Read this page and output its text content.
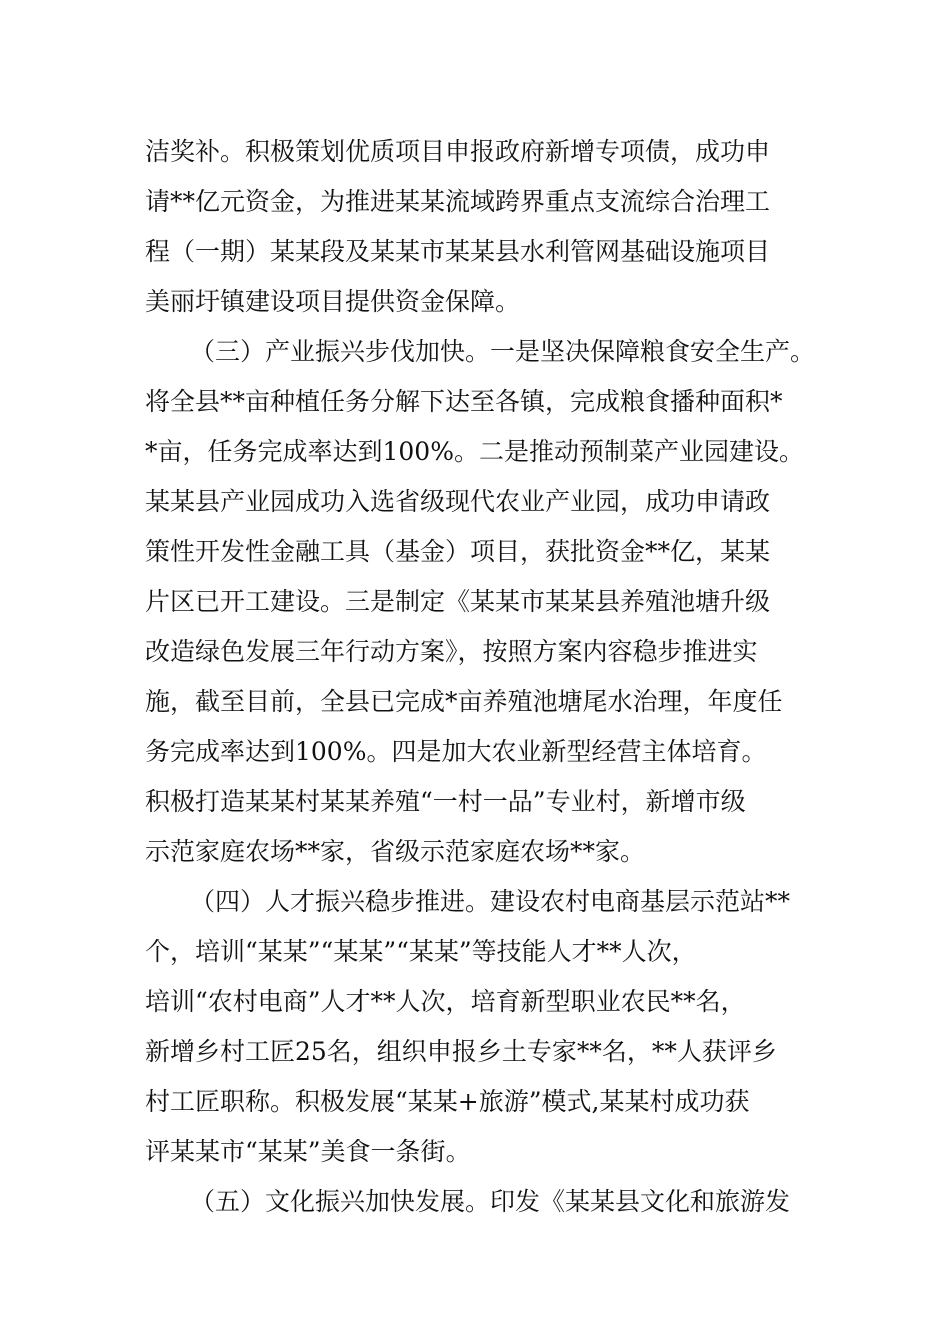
洁奖补。积极策划优质项目申报政府新增专项债，成功申
请**亿元资金，为推进某某流域跨界重点支流综合治理工
程（一期）某某段及某某市某某县水利管网基础设施项目
美丽圩镇建设项目提供资金保障。
（三）产业振兴步伐加快。一是坚决保障粮食安全生产。
将全县**亩种植任务分解下达至各镇，完成粮食播种面积*
*亩，任务完成率达到100%。二是推动预制菜产业园建设。
某某县产业园成功入选省级现代农业产业园，成功申请政
策性开发性金融工具（基金）项目，获批资金**亿，某某
片区已开工建设。三是制定《某某市某某县养殖池塘升级
改造绿色发展三年行动方案》，按照方案内容稳步推进实
施，截至目前，全县已完成*亩养殖池塘尾水治理，年度任
务完成率达到100%。四是加大农业新型经营主体培育。
积极打造某某村某某养殖“一村一品”专业村，新增市级
示范家庭农场**家，省级示范家庭农场**家。
（四）人才振兴稳步推进。建设农村电商基层示范站**
个，培训“某某”“某某”“某某”等技能人才**人次，
培训“农村电商”人才**人次，培育新型职业农民**名，
新增乡村工匠25名，组织申报乡土专家**名，**人获评乡
村工匠职称。积极发展“某某+旅游”模式,某某村成功获
评某某市“某某”美食一条街。
（五）文化振兴加快发展。印发《某某县文化和旅游发
